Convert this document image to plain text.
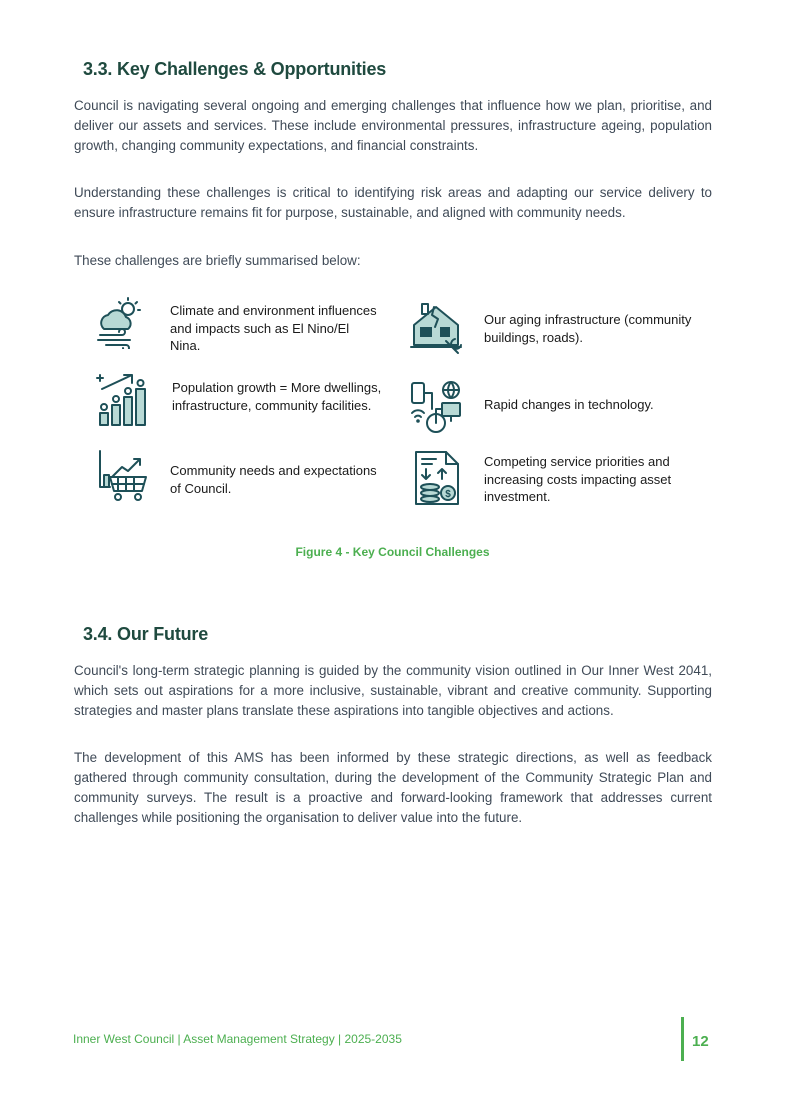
3.3. Key Challenges & Opportunities

Council is navigating several ongoing and emerging challenges that influence how we plan, prioritise, and deliver our assets and services. These include environmental pressures, infrastructure ageing, population growth, changing community expectations, and financial constraints.

Understanding these challenges is critical to identifying risk areas and adapting our service delivery to ensure infrastructure remains fit for purpose, sustainable, and aligned with community needs.

These challenges are briefly summarised below:

Climate and environment influences and impacts such as El Nino/El Nina.
Our aging infrastructure (community buildings, roads).
Population growth = More dwellings, infrastructure, community facilities.	Rapid changes in technology.
Community needs and expectations of Council.	$
Competing service priorities and increasing costs impacting asset investment.
Figure 4 - Key Council Challenges
3.4. Our Future

Council's long-term strategic planning is guided by the community vision outlined in Our Inner West 2041, which sets out aspirations for a more inclusive, sustainable, vibrant and creative community. Supporting strategies and master plans translate these aspirations into tangible objectives and actions.

The development of this AMS has been informed by these strategic directions, as well as feedback gathered through community consultation, during the development of the Community Strategic Plan and community surveys. The result is a proactive and forward-looking framework that addresses current challenges while positioning the organisation to deliver value into the future.

Inner West Council | Asset Management Strategy | 2025-2035	12
